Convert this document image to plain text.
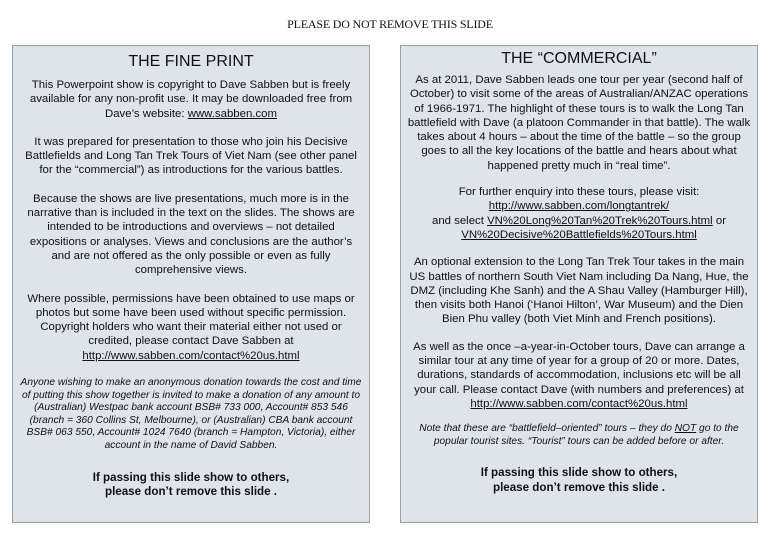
PLEASE DO NOT REMOVE THIS SLIDE
THE FINE PRINT

This Powerpoint show is copyright to Dave Sabben but is freely available for any non-profit use. It may be downloaded free from Dave’s website: www.sabben.com

It was prepared for presentation to those who join his Decisive Battlefields and Long Tan Trek Tours of Viet Nam (see other panel for the “commercial”) as introductions for the various battles.

Because the shows are live presentations, much more is in the narrative than is included in the text on the slides. The shows are intended to be introductions and overviews – not detailed expositions or analyses. Views and conclusions are the author’s and are not offered as the only possible or even as fully comprehensive views.

Where possible, permissions have been obtained to use maps or photos but some have been used without specific permission. Copyright holders who want their material either not used or credited, please contact Dave Sabben at http://www.sabben.com/contact%20us.html

Anyone wishing to make an anonymous donation towards the cost and time of putting this show together is invited to make a donation of any amount to (Australian) Westpac bank account BSB# 733 000, Account# 853 546 (branch = 360 Collins St, Melbourne), or (Australian) CBA bank account BSB# 063 550, Account# 1024 7640 (branch = Hampton, Victoria), either account in the name of David Sabben.

If passing this slide show to others,
please don’t remove this slide .

THE “COMMERCIAL”

As at 2011, Dave Sabben leads one tour per year (second half of October) to visit some of the areas of Australian/ANZAC operations of 1966-1971. The highlight of these tours is to walk the Long Tan battlefield with Dave (a platoon Commander in that battle). The walk takes about 4 hours – about the time of the battle – so the group goes to all the key locations of the battle and hears about what happened pretty much in “real time”.

For further enquiry into these tours, please visit:
http://www.sabben.com/longtantrek/
and select VN%20Long%20Tan%20Trek%20Tours.html or
VN%20Decisive%20Battlefields%20Tours.html

An optional extension to the Long Tan Trek Tour takes in the main US battles of northern South Viet Nam including Da Nang, Hue, the DMZ (including Khe Sanh) and the A Shau Valley (Hamburger Hill), then visits both Hanoi (‘Hanoi Hilton’, War Museum) and the Dien Bien Phu valley (both Viet Minh and French positions).

As well as the once –a-year-in-October tours, Dave can arrange a similar tour at any time of year for a group of 20 or more. Dates, durations, standards of accommodation, inclusions etc will be all your call. Please contact Dave (with numbers and preferences) at http://www.sabben.com/contact%20us.html

Note that these are “battlefield–oriented” tours – they do NOT go to the popular tourist sites. “Tourist” tours can be added before or after.

If passing this slide show to others,
please don’t remove this slide .
